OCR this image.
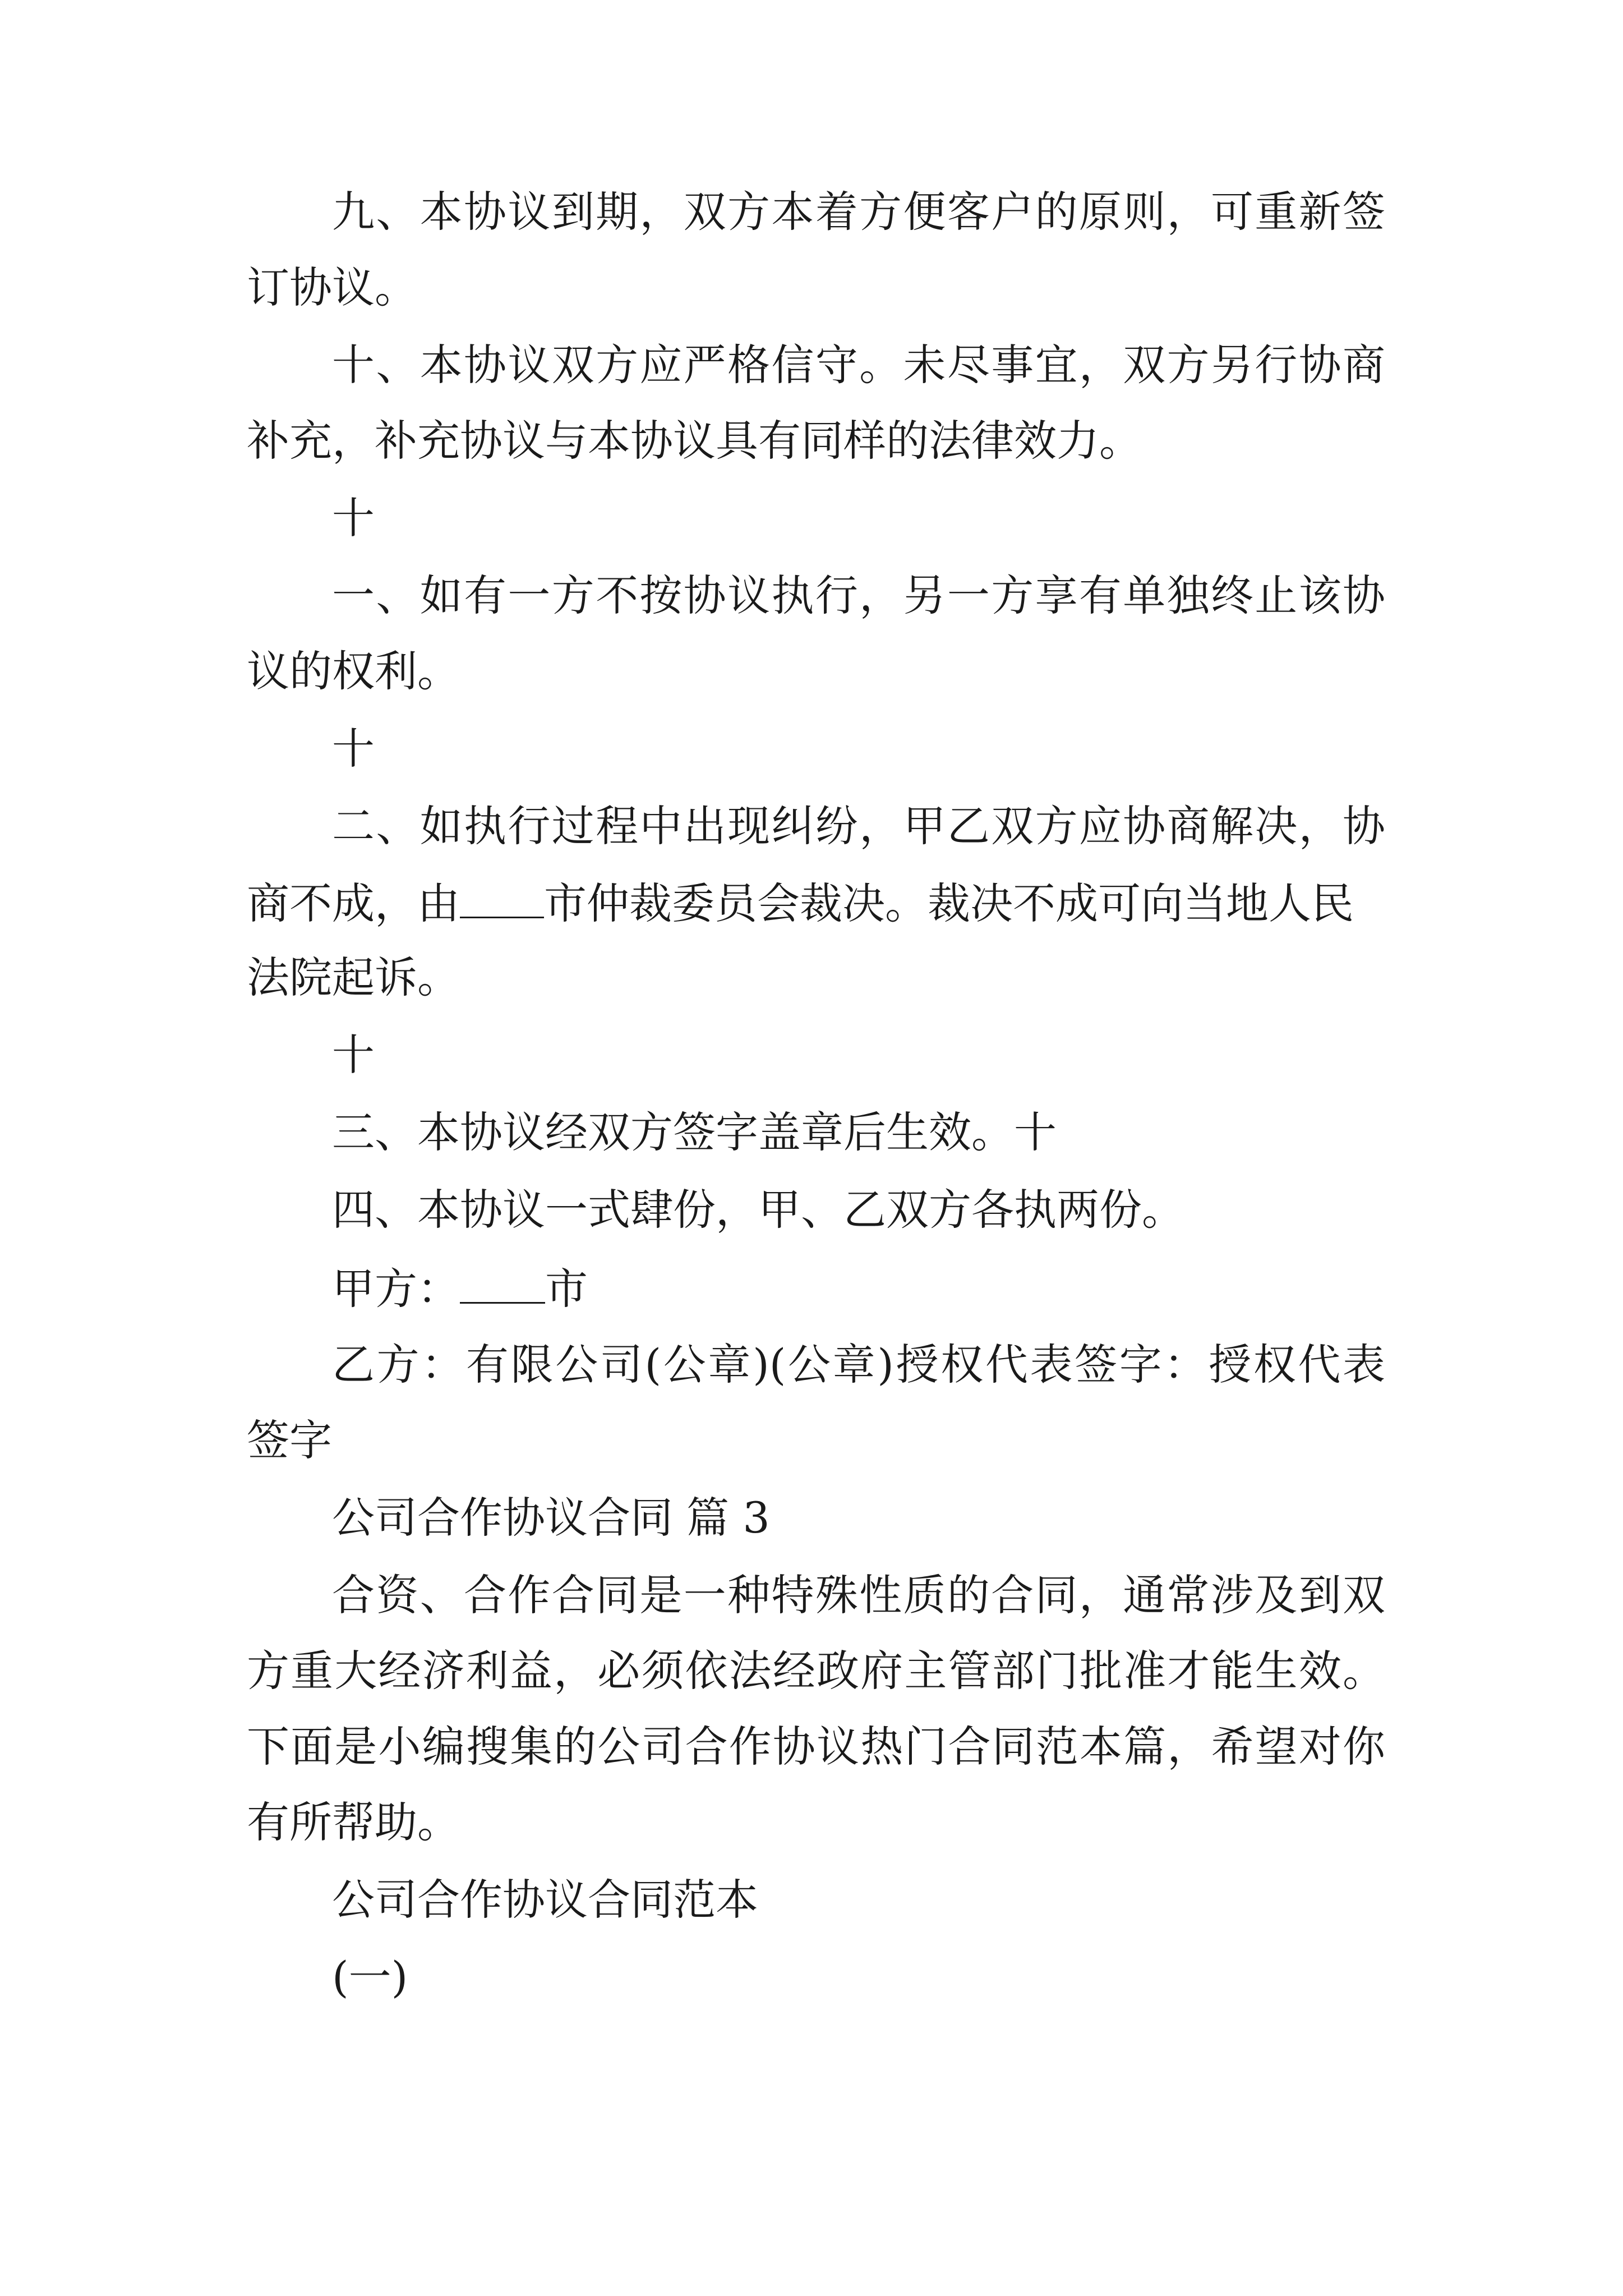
九、本协议到期，双方本着方便客户的原则，可重新签
订协议。
十、本协议双方应严格信守。未尽事宜，双方另行协商
补充，补充协议与本协议具有同样的法律效力。
十
一、如有一方不按协议执行，另一方享有单独终止该协
议的权利。
十
二、如执行过程中出现纠纷，甲乙双方应协商解决，协
商不成，由 市仲裁委员会裁决。裁决不成可向当地人民
法院起诉。
十
三、本协议经双方签字盖章后生效。十
四、本协议一式肆份，甲、乙双方各执两份。
甲方： 市
乙方：有限公司(公章)(公章)授权代表签字：授权代表
签字
公司合作协议合同 篇 3
合资、合作合同是一种特殊性质的合同，通常涉及到双
方重大经济利益，必须依法经政府主管部门批准才能生效。
下面是小编搜集的公司合作协议热门合同范本篇，希望对你
有所帮助。
公司合作协议合同范本
(一)
